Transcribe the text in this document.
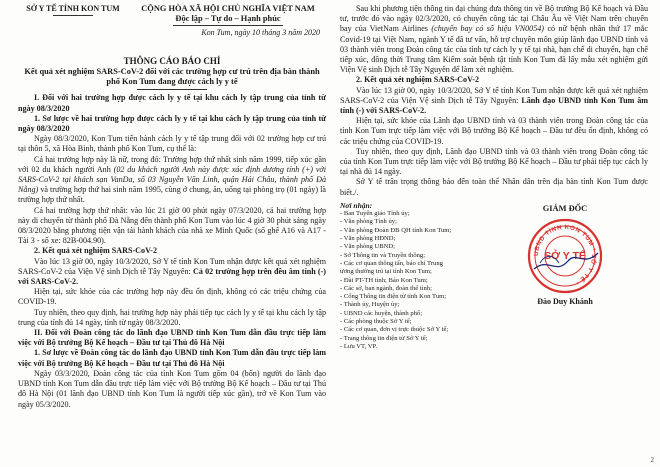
SỞ Y TẾ TỈNH KON TUM	CỘNG HÒA XÃ HỘI CHỦ NGHĨA VIỆT NAM
Độc lập – Tự do – Hạnh phúc
Kon Tum, ngày 10 tháng 3 năm 2020
THÔNG CÁO BÁO CHÍ
Kết quả xét nghiệm SARS-CoV-2 đối với các trường hợp cư trú trên địa bàn thành phố Kon Tum đang được cách ly y tế

I. Đối với hai trường hợp được cách ly y tế tại khu cách ly tập trung của tỉnh từ ngày 08/3/2020

1. Sơ lược về hai trường hợp được cách ly y tế tại khu cách ly tập trung của tỉnh từ ngày 08/3/2020

Ngày 08/3/2020, Kon Tum tiến hành cách ly y tế tập trung đối với 02 trường hợp cư trú tại thôn 5, xã Hòa Bình, thành phố Kon Tum, cụ thể là:

Cả hai trường hợp này là nữ, trong đó: Trường hợp thứ nhất sinh năm 1999, tiếp xúc gần với 02 du khách người Anh (02 du khách người Anh này được xác định dương tính (+) với SARS-CoV-2 tại khách sạn VanDa, số 03 Nguyễn Văn Linh, quận Hải Châu, thành phố Đà Nẵng) và trường hợp thứ hai sinh năm 1995, cùng ở chung, ăn, uống tại phòng trọ (01 ngày) là trường hợp thứ nhất.

Cả hai trường hợp thứ nhất: vào lúc 21 giờ 00 phút ngày 07/3/2020, cả hai trường hợp này di chuyển từ thành phố Đà Nẵng đến thành phố Kon Tum vào lúc 4 giờ 30 phút sáng ngày 08/3/2020 bằng phương tiện vận tải hành khách của nhà xe Minh Quốc (số ghế A16 và A17 - Tài 3 - số xe: 82B-004.90).

2. Kết quả xét nghiệm SARS-CoV-2

Vào lúc 13 giờ 00, ngày 10/3/2020, Sở Y tế tỉnh Kon Tum nhận được kết quả xét nghiệm SARS-CoV-2 của Viện Vệ sinh Dịch tễ Tây Nguyên: Cả 02 trường hợp trên đều âm tính (-) với SARS-CoV-2.

Hiện tại, sức khỏe của các trường hợp này đều ổn định, không có các triệu chứng của COVID-19.

Tuy nhiên, theo quy định, hai trường hợp này phải tiếp tục cách ly y tế tại khu cách ly tập trung của tỉnh đủ 14 ngày, tính từ ngày 08/3/2020.

II. Đối với Đoàn công tác do lãnh đạo UBND tỉnh Kon Tum dẫn đầu trực tiếp làm việc với Bộ trưởng Bộ Kế hoạch – Đầu tư tại Thủ đô Hà Nội

1. Sơ lược về Đoàn công tác do lãnh đạo UBND tỉnh Kon Tum dẫn đầu trực tiếp làm việc với Bộ trưởng Bộ Kế hoạch – Đầu tư tại Thủ đô Hà Nội

Ngày 03/3/2020, Đoàn công tác của tỉnh Kon Tum gồm 04 (bốn) người do lãnh đạo UBND tỉnh Kon Tum dẫn đầu trực tiếp làm việc với Bộ trưởng Bộ Kế hoạch – Đầu tư tại Thủ đô Hà Nội (01 lãnh đạo UBND tỉnh Kon Tum là người tiếp xúc gần), trở về Kon Tum vào ngày 05/3/2020.

Sau khi phương tiện thông tin đại chúng đưa thông tin về Bộ trưởng Bộ Kế hoạch và Đầu tư, trước đó vào ngày 02/3/2020, có chuyến công tác tại Châu Âu về Việt Nam trên chuyến bay của VietNam Airlines (chuyến bay có số hiệu VN0054) có nữ bệnh nhân thứ 17 mắc Covid-19 tại Việt Nam, ngành Y tế đã tư vấn, hỗ trợ chuyên môn giúp lãnh đạo UBND tỉnh và 03 thành viên trong Đoàn công tác của tỉnh tự cách ly y tế tại nhà, hạn chế di chuyển, hạn chế tiếp xúc, đồng thời Trung tâm Kiểm soát bệnh tật tỉnh Kon Tum đã lấy mẫu xét nghiệm gửi Viện Vệ sinh Dịch tễ Tây Nguyên để làm xét nghiệm.

2. Kết quả xét nghiệm SARS-CoV-2

Vào lúc 13 giờ 00, ngày 10/3/2020, Sở Y tế tỉnh Kon Tum nhận được kết quả xét nghiệm SARS-CoV-2 của Viện Vệ sinh Dịch tễ Tây Nguyên: Lãnh đạo UBND tỉnh Kon Tum âm tính (-) với SARS-CoV-2.

Hiện tại, sức khỏe của Lãnh đạo UBND tỉnh và 03 thành viên trong Đoàn công tác của tỉnh Kon Tum trực tiếp làm việc với Bộ trưởng Bộ Kế hoạch – Đầu tư đều ổn định, không có các triệu chứng của COVID-19.

Tuy nhiên, theo quy định, Lãnh đạo UBND tỉnh và 03 thành viên trong Đoàn công tác của tỉnh Kon Tum trực tiếp làm việc với Bộ trưởng Bộ Kế hoạch – Đầu tư phải tiếp tục cách ly tại nhà đủ 14 ngày.

Sở Y tế trân trọng thông báo đến toàn thể Nhân dân trên địa bàn tỉnh Kon Tum được biết./.

Nơi nhận:
- Ban Tuyên giáo Tỉnh ủy;
- Văn phòng Tỉnh ủy;
- Văn phòng Đoàn ĐB QH tỉnh Kon Tum;
- Văn phòng HĐND;
- Văn phòng UBND;
- Sở Thông tin và Truyền thông;
- Các cơ quan thông tấn, báo chí Trung
ương thường trú tại tỉnh Kon Tum;
- Đài PT-TH tỉnh; Báo Kon Tum;
- Các sở, ban ngành, đoàn thể tỉnh;
- Cổng Thông tin điện tử tỉnh Kon Tum;
- Thành ủy, Huyện ủy;
- UBND các huyện, thành phố;
- Các phòng thuộc Sở Y tế;
- Các cơ quan, đơn vị trực thuộc Sở Y tế;
- Trang thông tin điện tử Sở Y tế;
- Lưu VT, VP.
GIÁM ĐỐC
UBND TỈNH KON TUM * SỞ Y TẾ *
SỞ Y TẾ
Đào Duy Khánh
2
